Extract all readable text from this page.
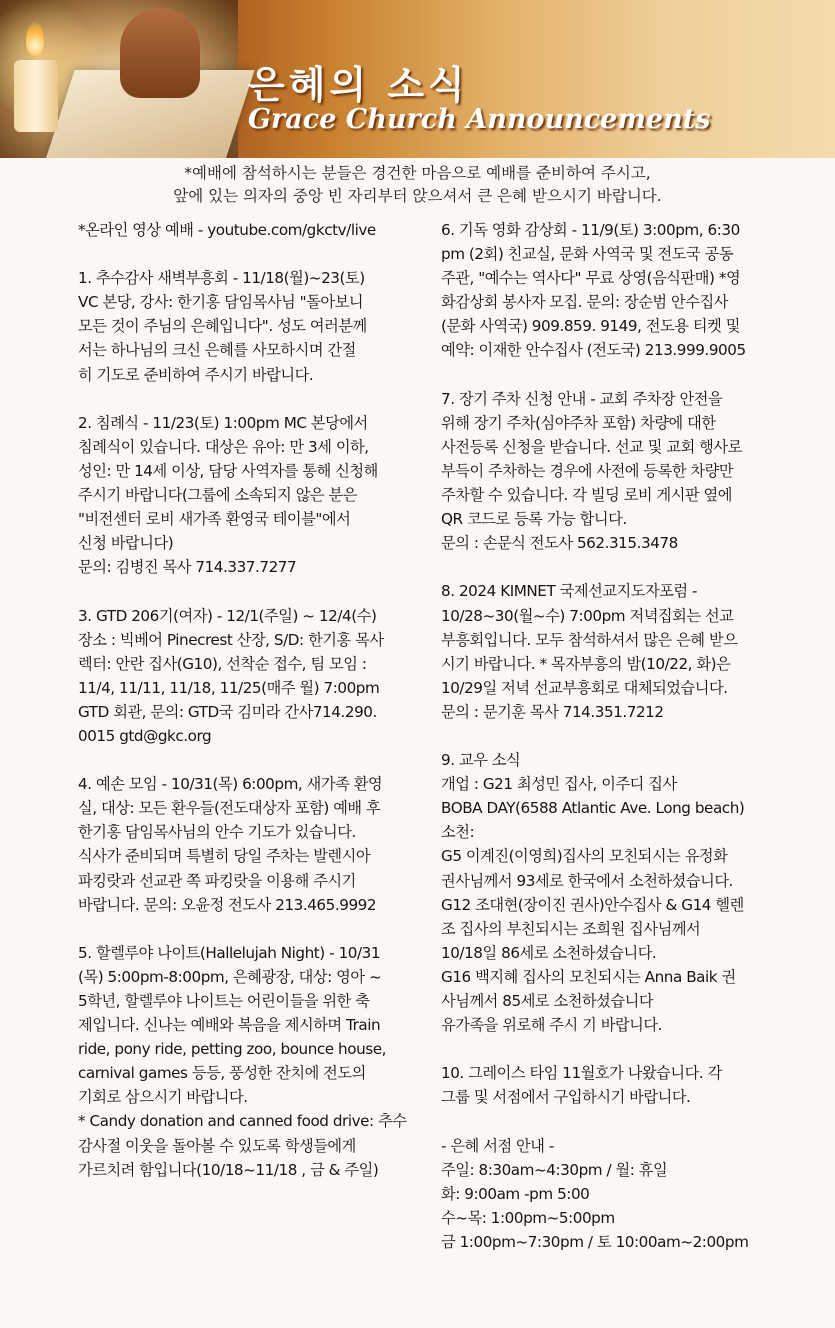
은혜의 소식
Grace Church Announcements
*예배에 참석하시는 분들은 경건한 마음으로 예배를 준비하여 주시고,
앞에 있는 의자의 중앙 빈 자리부터 앉으셔서 큰 은혜 받으시기 바랍니다.
*온라인 영상 예배 - youtube.com/gkctv/live
1. 추수감사 새벽부흥회 - 11/18(월)~23(토)
VC 본당, 강사: 한기홍 담임목사님 "돌아보니
모든 것이 주님의 은혜입니다". 성도 여러분께
서는 하나님의 크신 은혜를 사모하시며 간절
히 기도로 준비하여 주시기 바랍니다.
2. 침례식 - 11/23(토) 1:00pm MC 본당에서
침례식이 있습니다. 대상은 유아: 만 3세 이하,
성인: 만 14세 이상, 담당 사역자를 통해 신청해
주시기 바랍니다(그룹에 소속되지 않은 분은
"비전센터 로비 새가족 환영국 테이블"에서
신청 바랍니다)
문의: 김병진 목사 714.337.7277
3. GTD 206기(여자) - 12/1(주일) ~ 12/4(수)
장소 : 빅베어 Pinecrest 산장, S/D: 한기홍 목사
렉터: 안란 집사(G10), 선착순 접수, 팀 모임 :
11/4, 11/11, 11/18, 11/25(매주 월) 7:00pm
GTD 회관, 문의: GTD국 김미라 간사714.290.
0015 gtd@gkc.org
4. 예손 모임 - 10/31(목) 6:00pm, 새가족 환영
실, 대상: 모든 환우들(전도대상자 포함) 예배 후
한기홍 담임목사님의 안수 기도가 있습니다.
식사가 준비되며 특별히 당일 주차는 발렌시아
파킹랏과 선교관 쪽 파킹랏을 이용해 주시기
바랍니다. 문의: 오윤정 전도사 213.465.9992
5. 할렐루야 나이트(Hallelujah Night) - 10/31
(목) 5:00pm-8:00pm, 은혜광장, 대상: 영아 ~
5학년, 할렐루야 나이트는 어린이들을 위한 축
제입니다. 신나는 예배와 복음을 제시하며 Train
ride, pony ride, petting zoo, bounce house,
carnival games 등등, 풍성한 잔치에 전도의
기회로 삼으시기 바랍니다.
* Candy donation and canned food drive: 추수
감사절 이웃을 돌아볼 수 있도록 학생들에게
가르치려 함입니다(10/18~11/18 , 금 & 주일)
6. 기독 영화 감상회 - 11/9(토) 3:00pm, 6:30
pm (2회) 친교실, 문화 사역국 및 전도국 공동
주관, "예수는 역사다" 무료 상영(음식판매) *영
화감상회 봉사자 모집. 문의: 장순범 안수집사
(문화 사역국) 909.859. 9149, 전도용 티켓 및
예약: 이재한 안수집사 (전도국) 213.999.9005
7. 장기 주차 신청 안내 - 교회 주차장 안전을
위해 장기 주차(심야주차 포함) 차량에 대한
사전등록 신청을 받습니다. 선교 및 교회 행사로
부득이 주차하는 경우에 사전에 등록한 차량만
주차할 수 있습니다. 각 빌딩 로비 게시판 옆에
QR 코드로 등록 가능 합니다.
문의 : 손문식 전도사 562.315.3478
8. 2024 KIMNET 국제선교지도자포럼 -
10/28~30(월~수) 7:00pm 저녁집회는 선교
부흥회입니다. 모두 참석하셔서 많은 은혜 받으
시기 바랍니다. * 목자부흥의 밤(10/22, 화)은
10/29일 저녁 선교부흥회로 대체되었습니다.
문의 : 문기훈 목사 714.351.7212
9. 교우 소식
개업 : G21 최성민 집사, 이주디 집사
BOBA DAY(6588 Atlantic Ave. Long beach)
소천:
G5 이계진(이영희)집사의 모친되시는 유정화
권사님께서 93세로 한국에서 소천하셨습니다.
G12 조대현(장이진 권사)안수집사 & G14 헬렌
조 집사의 부친되시는 조희원 집사님께서
10/18일 86세로 소천하셨습니다.
G16 백지혜 집사의 모친되시는 Anna Baik 권
사님께서 85세로 소천하셨습니다
유가족을 위로해 주시 기 바랍니다.
10. 그레이스 타임 11월호가 나왔습니다. 각
그룹 및 서점에서 구입하시기 바랍니다.
- 은혜 서점 안내 -
주일: 8:30am~4:30pm / 월: 휴일
화: 9:00am -pm 5:00
수~목: 1:00pm~5:00pm
금 1:00pm~7:30pm / 토 10:00am~2:00pm
